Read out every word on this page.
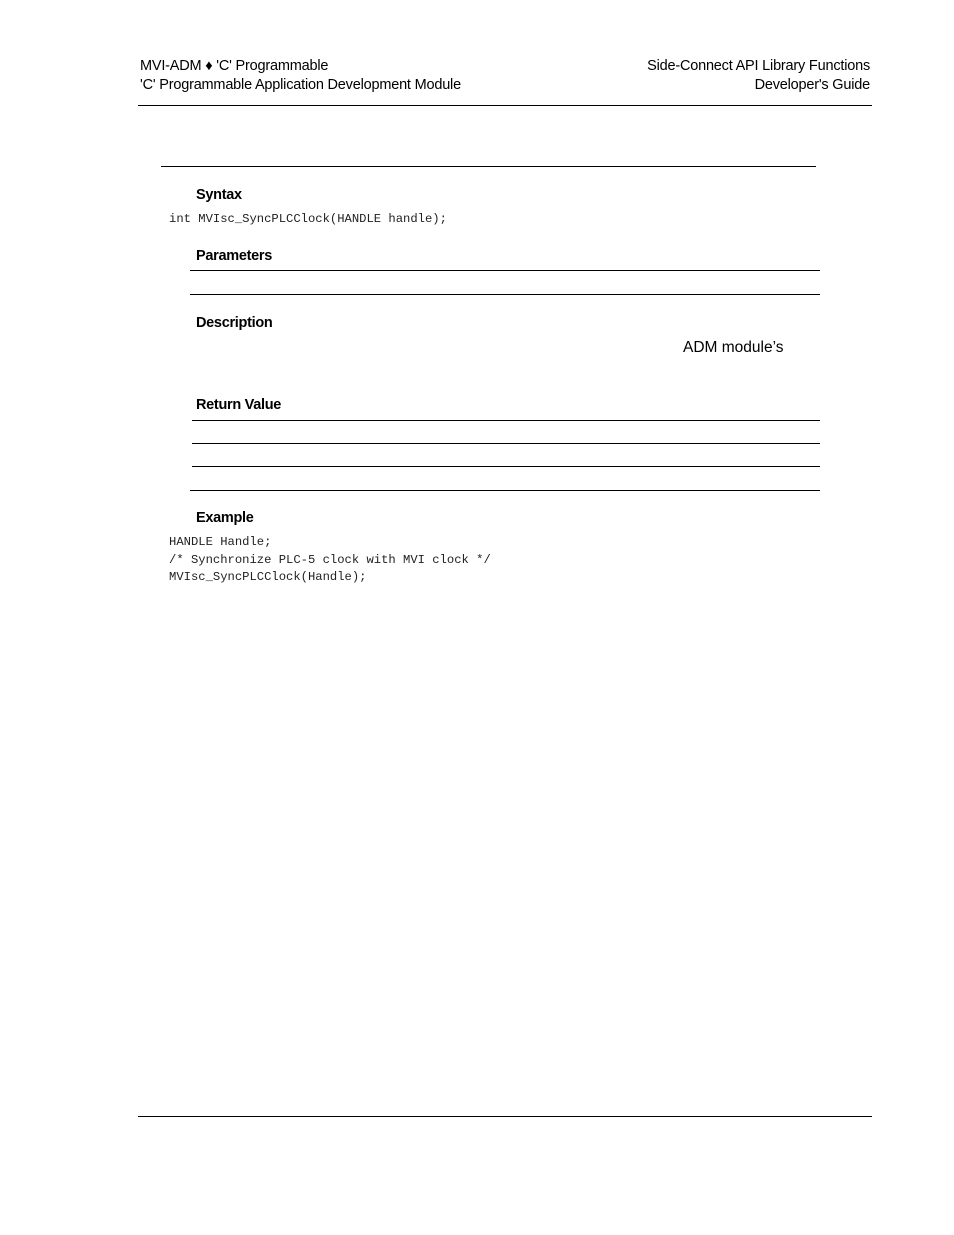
MVI-ADM ♦ 'C' Programmable
'C' Programmable Application Development Module
Side-Connect API Library Functions
Developer's Guide
Syntax
int MVIsc_SyncPLCClock(HANDLE handle);
Parameters
Description
ADM module’s
Return Value
Example
HANDLE Handle;
/* Synchronize PLC-5 clock with MVI clock */
MVIsc_SyncPLCClock(Handle);
